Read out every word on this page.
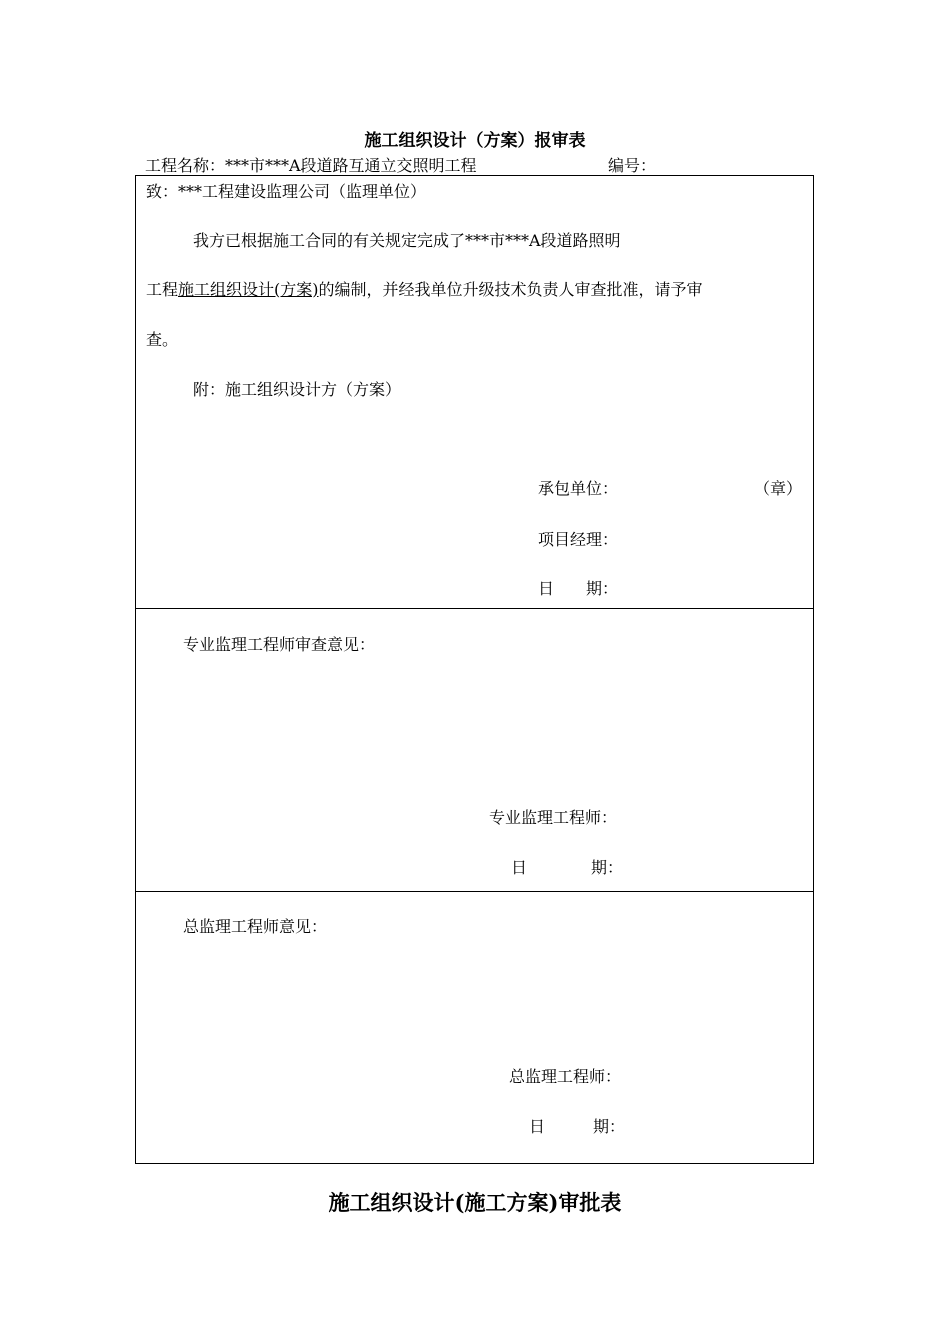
施工组织设计（方案）报审表
工程名称：***市***A段道路互通立交照明工程	编号：
致：***工程建设监理公司（监理单位）
我方已根据施工合同的有关规定完成了***市***A段道路照明
工程施工组织设计(方案)的编制，并经我单位升级技术负责人审查批准，请予审
查。
附：施工组织设计方（方案）
承包单位：	（章）
项目经理：
日　　期：
专业监理工程师审查意见：
专业监理工程师：
日　　　　期：
总监理工程师意见：
总监理工程师：
日　　　期：
施工组织设计(施工方案)审批表
